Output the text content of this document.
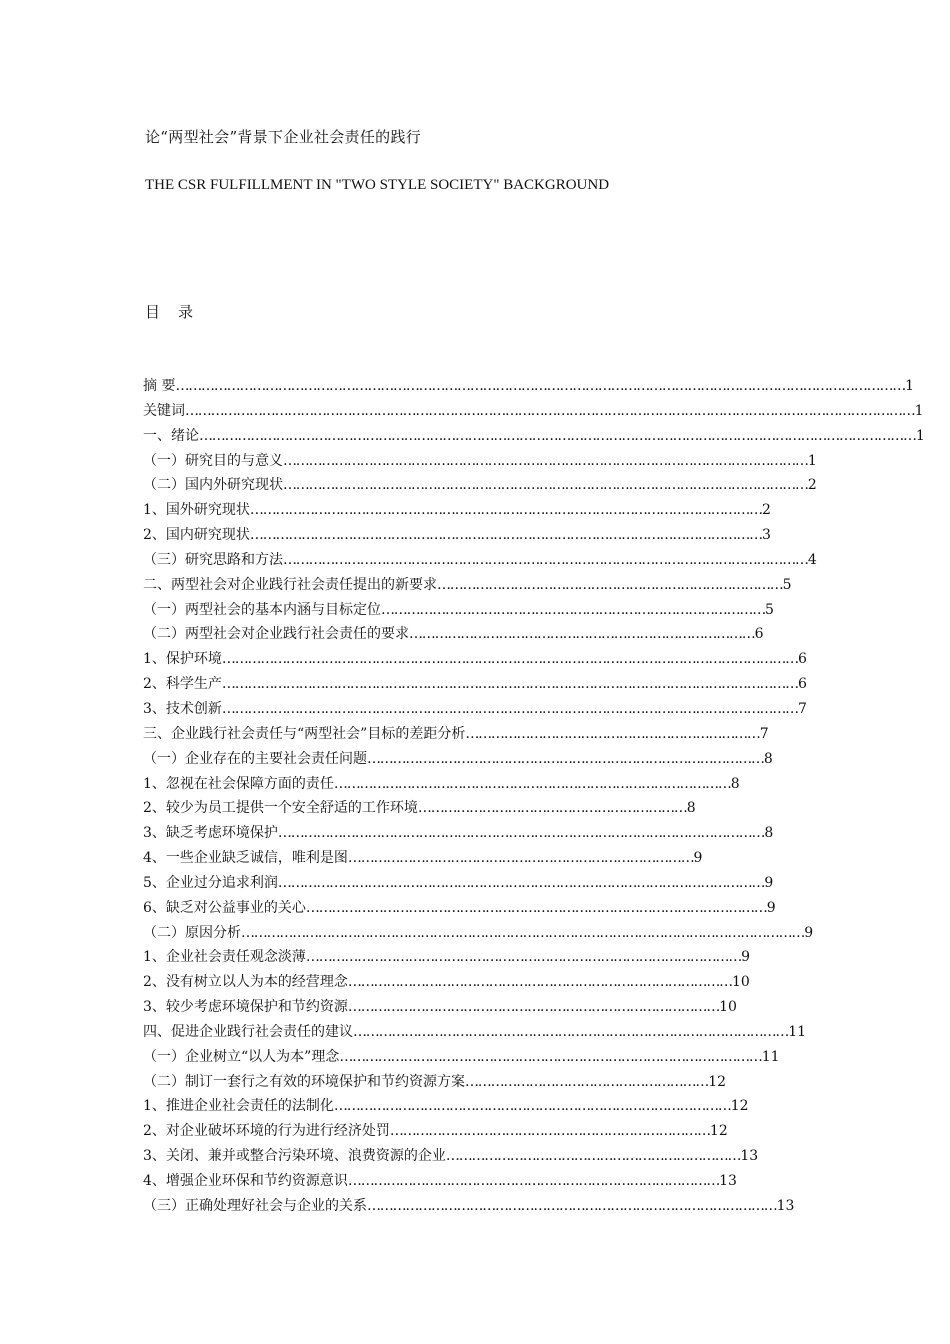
论“两型社会”背景下企业社会责任的践行
THE CSR FULFILLMENT IN "TWO STYLE SOCIETY" BACKGROUND
目 录
摘 要………………………………………………………………………………………………………………………………………………………1
关键词………………………………………………………………………………………………………………………………………………………1
一、绪论……………………………………………………………………………………………………………………………………………………1
（一）研究目的与意义……………………………………………………………………………………………………………1
（二）国内外研究现状……………………………………………………………………………………………………………2
1、国外研究现状…………………………………………………………………………………………………………2
2、国内研究现状…………………………………………………………………………………………………………3
（三）研究思路和方法……………………………………………………………………………………………………………4
二、两型社会对企业践行社会责任提出的新要求………………………………………………………………………5
（一）两型社会的基本内涵与目标定位………………………………………………………………………………5
（二）两型社会对企业践行社会责任的要求………………………………………………………………………6
1、保护环境………………………………………………………………………………………………………………………6
2、科学生产………………………………………………………………………………………………………………………6
3、技术创新………………………………………………………………………………………………………………………7
三、企业践行社会责任与“两型社会”目标的差距分析……………………………………………………………7
（一）企业存在的主要社会责任问题…………………………………………………………………………………8
1、忽视在社会保障方面的责任…………………………………………………………………………………8
2、较少为员工提供一个安全舒适的工作环境………………………………………………………8
3、缺乏考虑环境保护……………………………………………………………………………………………………8
4、一些企业缺乏诚信，唯利是图………………………………………………………………………9
5、企业过分追求利润……………………………………………………………………………………………………9
6、缺乏对公益事业的关心………………………………………………………………………………………………9
（二）原因分析……………………………………………………………………………………………………………………9
1、企业社会责任观念淡薄…………………………………………………………………………………………9
2、没有树立以人为本的经营理念………………………………………………………………………………10
3、较少考虑环境保护和节约资源……………………………………………………………………………10
四、促进企业践行社会责任的建议…………………………………………………………………………………………11
（一）企业树立“以人为本”理念………………………………………………………………………………………11
（二）制订一套行之有效的环境保护和节约资源方案…………………………………………………12
1、推进企业社会责任的法制化…………………………………………………………………………………12
2、对企业破坏环境的行为进行经济处罚…………………………………………………………………12
3、关闭、兼并或整合污染环境、浪费资源的企业……………………………………………………………13
4、增强企业环保和节约资源意识……………………………………………………………………………13
（三）正确处理好社会与企业的关系……………………………………………………………………………………13
